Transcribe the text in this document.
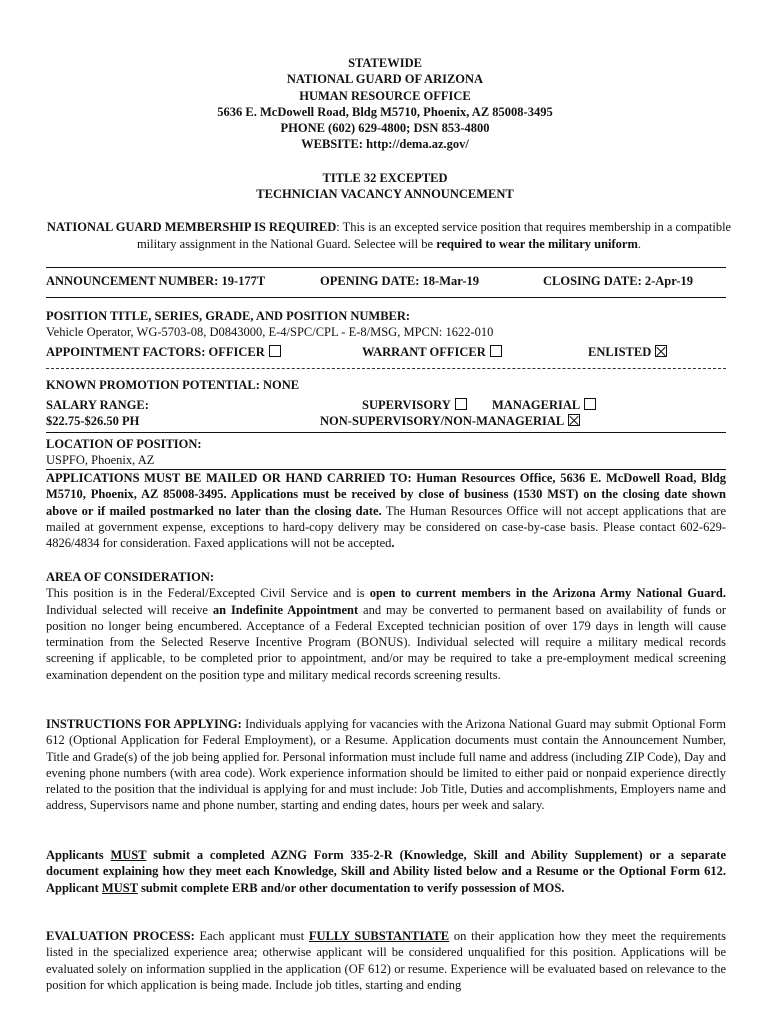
STATEWIDE
NATIONAL GUARD OF ARIZONA
HUMAN RESOURCE OFFICE
5636 E. McDowell Road, Bldg M5710, Phoenix, AZ 85008-3495
PHONE (602) 629-4800; DSN 853-4800
WEBSITE: http://dema.az.gov/
TITLE 32 EXCEPTED
TECHNICIAN VACANCY ANNOUNCEMENT
NATIONAL GUARD MEMBERSHIP IS REQUIRED: This is an excepted service position that requires membership in a compatible military assignment in the National Guard. Selectee will be required to wear the military uniform.
ANNOUNCEMENT NUMBER: 19-177T	OPENING DATE: 18-Mar-19	CLOSING DATE: 2-Apr-19
POSITION TITLE, SERIES, GRADE, AND POSITION NUMBER:
Vehicle Operator, WG-5703-08, D0843000, E-4/SPC/CPL - E-8/MSG, MPCN: 1622-010
APPOINTMENT FACTORS: OFFICER	WARRANT OFFICER	ENLISTED
KNOWN PROMOTION POTENTIAL: NONE
SALARY RANGE:
$22.75-$26.50 PH
SUPERVISORY	MANAGERIAL
NON-SUPERVISORY/NON-MANAGERIAL
LOCATION OF POSITION:
USPFO, Phoenix, AZ
APPLICATIONS MUST BE MAILED OR HAND CARRIED TO: Human Resources Office, 5636 E. McDowell Road, Bldg M5710, Phoenix, AZ 85008-3495. Applications must be received by close of business (1530 MST) on the closing date shown above or if mailed postmarked no later than the closing date. The Human Resources Office will not accept applications that are mailed at government expense, exceptions to hard-copy delivery may be considered on case-by-case basis. Please contact 602-629-4826/4834 for consideration. Faxed applications will not be accepted.
AREA OF CONSIDERATION:
This position is in the Federal/Excepted Civil Service and is open to current members in the Arizona Army National Guard. Individual selected will receive an Indefinite Appointment and may be converted to permanent based on availability of funds or position no longer being encumbered. Acceptance of a Federal Excepted technician position of over 179 days in length will cause termination from the Selected Reserve Incentive Program (BONUS). Individual selected will require a military medical records screening if applicable, to be completed prior to appointment, and/or may be required to take a pre-employment medical screening examination dependent on the position type and military medical records screening results.
INSTRUCTIONS FOR APPLYING: Individuals applying for vacancies with the Arizona National Guard may submit Optional Form 612 (Optional Application for Federal Employment), or a Resume. Application documents must contain the Announcement Number, Title and Grade(s) of the job being applied for. Personal information must include full name and address (including ZIP Code), Day and evening phone numbers (with area code). Work experience information should be limited to either paid or nonpaid experience directly related to the position that the individual is applying for and must include: Job Title, Duties and accomplishments, Employers name and address, Supervisors name and phone number, starting and ending dates, hours per week and salary.
Applicants MUST submit a completed AZNG Form 335-2-R (Knowledge, Skill and Ability Supplement) or a separate document explaining how they meet each Knowledge, Skill and Ability listed below and a Resume or the Optional Form 612. Applicant MUST submit complete ERB and/or other documentation to verify possession of MOS.
EVALUATION PROCESS: Each applicant must FULLY SUBSTANTIATE on their application how they meet the requirements listed in the specialized experience area; otherwise applicant will be considered unqualified for this position. Applications will be evaluated solely on information supplied in the application (OF 612) or resume. Experience will be evaluated based on relevance to the position for which application is being made. Include job titles, starting and ending
